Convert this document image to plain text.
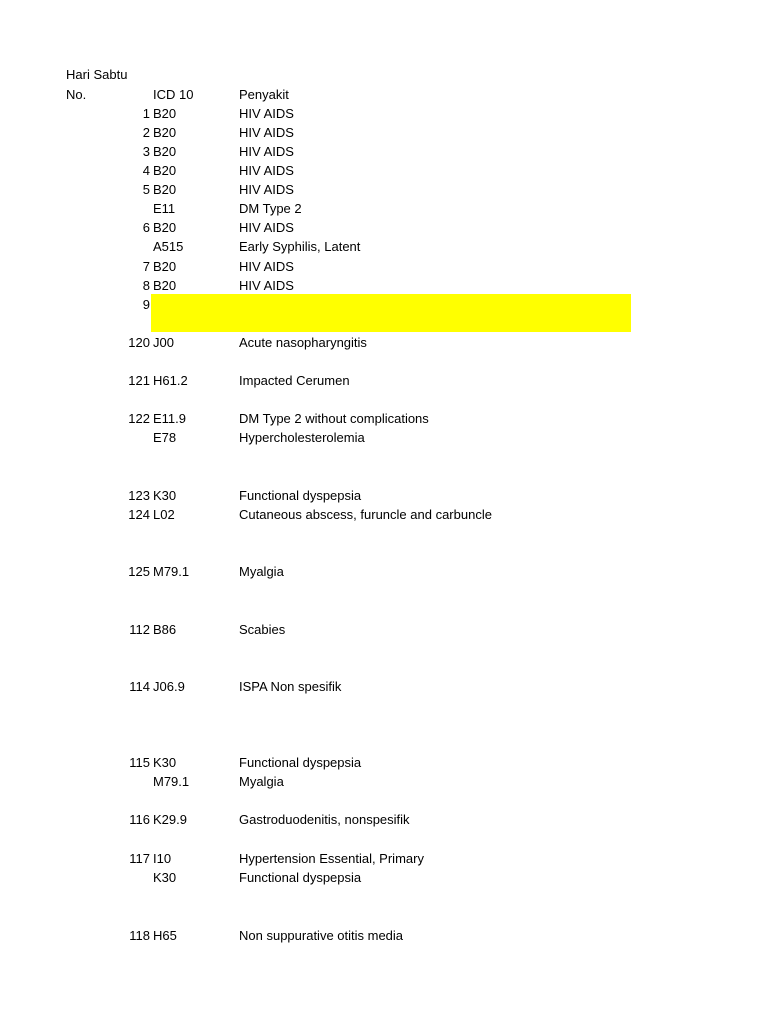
Hari Sabtu
No.	ICD 10	Penyakit
1 B20	HIV AIDS
2 B20	HIV AIDS
3 B20	HIV AIDS
4 B20	HIV AIDS
5 B20	HIV AIDS
E11	DM Type 2
6 B20	HIV AIDS
A515	Early Syphilis, Latent
7 B20	HIV AIDS
8 B20	HIV AIDS
9
120 J00	Acute nasopharyngitis
121 H61.2	Impacted Cerumen
122 E11.9	DM Type 2 without complications
E78	Hypercholesterolemia
123 K30	Functional dyspepsia
124 L02	Cutaneous abscess, furuncle and carbuncle
125 M79.1	Myalgia
112 B86	Scabies
114 J06.9	ISPA Non spesifik
115 K30	Functional dyspepsia
M79.1	Myalgia
116 K29.9	Gastroduodenitis, nonspesifik
117 I10	Hypertension Essential, Primary
K30	Functional dyspepsia
118 H65	Non suppurative otitis media
